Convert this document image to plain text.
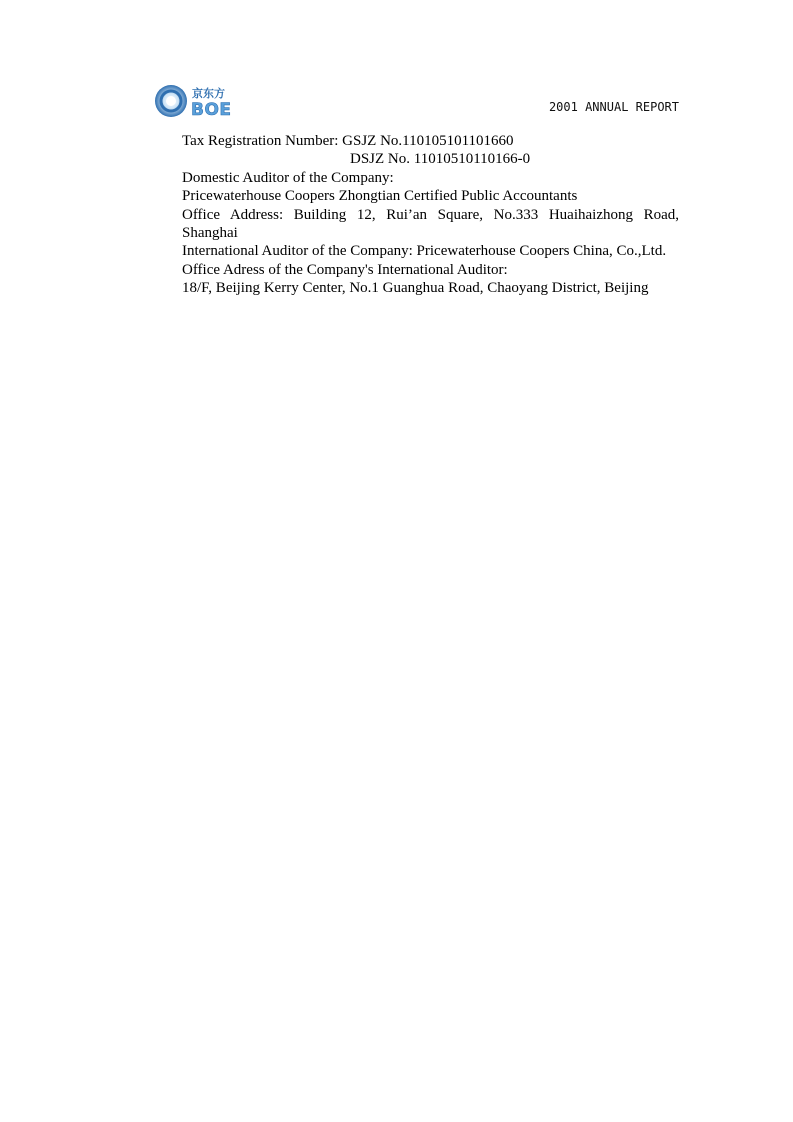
京东方
BOE	2001 ANNUAL REPORT
Tax Registration Number: GSJZ No.110105101101660
DSJZ No. 11010510110166-0
Domestic Auditor of the Company:
Pricewaterhouse Coopers Zhongtian Certified Public Accountants
Office Address: Building 12, Rui’an Square, No.333 Huaihaizhong Road, Shanghai
International Auditor of the Company: Pricewaterhouse Coopers China, Co.,Ltd.
Office Adress of the Company's International Auditor:
18/F, Beijing Kerry Center, No.1 Guanghua Road, Chaoyang District, Beijing
